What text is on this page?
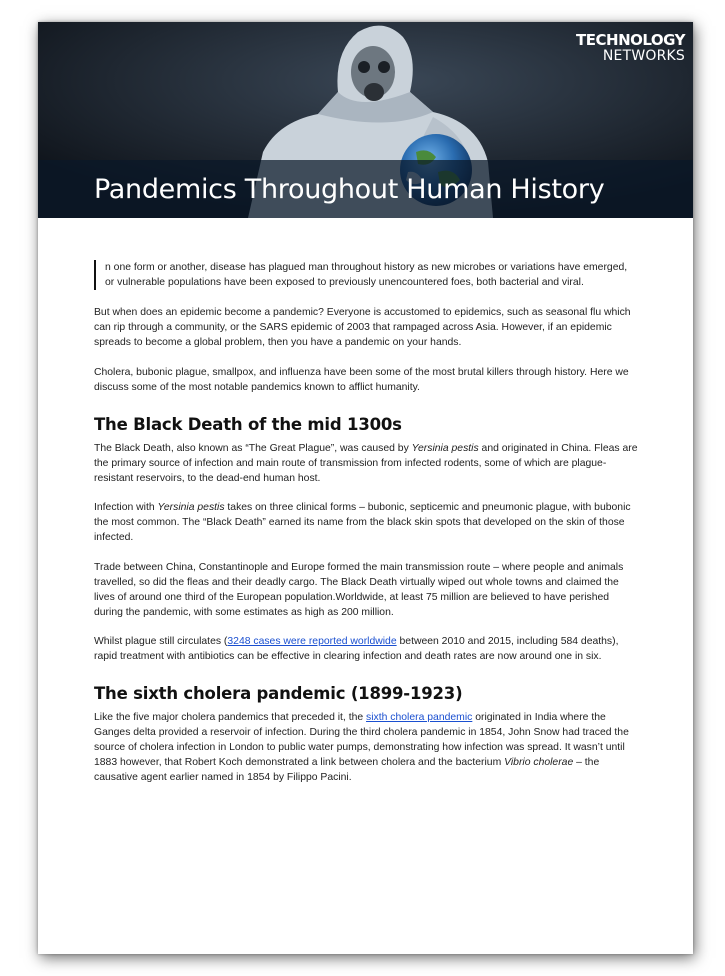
Pandemics Throughout Human History
TECHNOLOGY
NETWORKS

n one form or another, disease has plagued man throughout history as new microbes or variations have emerged, or vulnerable populations have been exposed to previously unencountered foes, both bacterial and viral.

But when does an epidemic become a pandemic? Everyone is accustomed to epidemics, such as seasonal flu which can rip through a community, or the SARS epidemic of 2003 that rampaged across Asia. However, if an epidemic spreads to become a global problem, then you have a pandemic on your hands.

Cholera, bubonic plague, smallpox, and influenza have been some of the most brutal killers through history. Here we discuss some of the most notable pandemics known to afflict humanity.

The Black Death of the mid 1300s

The Black Death, also known as “The Great Plague”, was caused by Yersinia pestis and originated in China. Fleas are the primary source of infection and main route of transmission from infected rodents, some of which are plague-resistant reservoirs, to the dead-end human host.

Infection with Yersinia pestis takes on three clinical forms – bubonic, septicemic and pneumonic plague, with bubonic the most common. The “Black Death” earned its name from the black skin spots that developed on the skin of those infected.

Trade between China, Constantinople and Europe formed the main transmission route – where people and animals travelled, so did the fleas and their deadly cargo. The Black Death virtually wiped out whole towns and claimed the lives of around one third of the European population.Worldwide, at least 75 million are believed to have perished during the pandemic, with some estimates as high as 200 million.

Whilst plague still circulates (3248 cases were reported worldwide between 2010 and 2015, including 584 deaths), rapid treatment with antibiotics can be effective in clearing infection and death rates are now around one in six.

The sixth cholera pandemic (1899-1923)

Like the five major cholera pandemics that preceded it, the sixth cholera pandemic originated in India where the Ganges delta provided a reservoir of infection. During the third cholera pandemic in 1854, John Snow had traced the source of cholera infection in London to public water pumps, demonstrating how infection was spread. It wasn’t until 1883 however, that Robert Koch demonstrated a link between cholera and the bacterium Vibrio cholerae – the causative agent earlier named in 1854 by Filippo Pacini.
